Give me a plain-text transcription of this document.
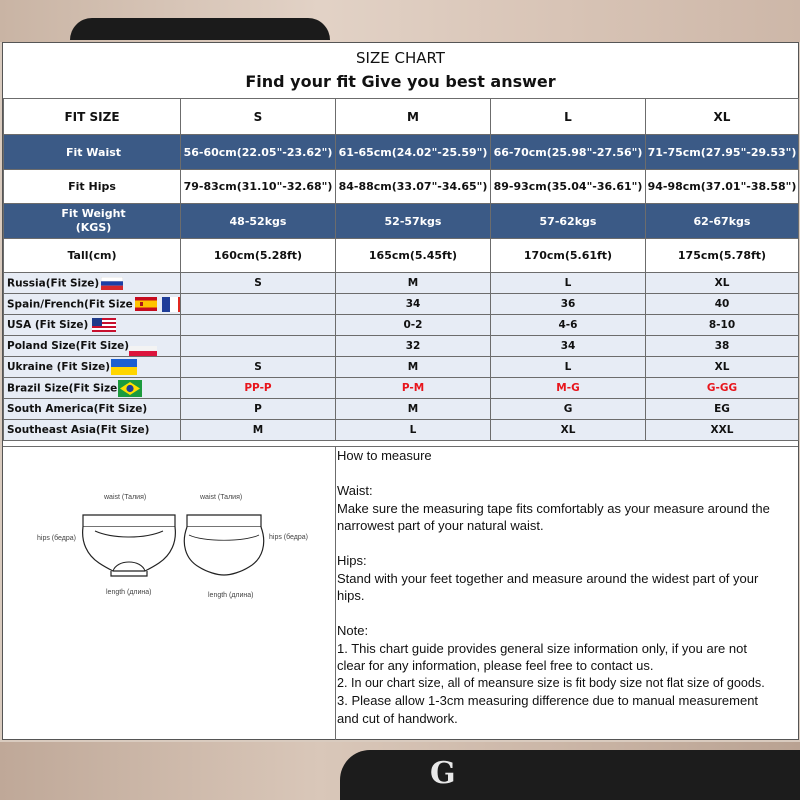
SIZE CHART
Find your fit Give you best answer
FIT SIZE	S	M	L	XL
Fit Waist	56-60cm(22.05"-23.62")	61-65cm(24.02"-25.59")	66-70cm(25.98"-27.56")	71-75cm(27.95"-29.53")
Fit Hips	79-83cm(31.10"-32.68")	84-88cm(33.07"-34.65")	89-93cm(35.04"-36.61")	94-98cm(37.01"-38.58")

Fit Weight
(KGS)	48-52kgs	52-57kgs	57-62kgs	62-67kgs
Tall(cm)	160cm(5.28ft)	165cm(5.45ft)	170cm(5.61ft)	175cm(5.78ft)
Russia(Fit Size)	S	M	L	XL
Spain/French(Fit Size		34	36	40
USA (Fit Size)		0-2	4-6	8-10
Poland Size(Fit Size)		32	34	38
Ukraine (Fit Size)	S	M	L	XL
Brazil Size(Fit Size	PP-P	P-M	M-G	G-GG
South America(Fit Size)	P	M	G	EG
Southeast Asia(Fit Size)	M	L	XL	XXL
waist (Талия)	waist (Талия)
hips (бедра)	hips (бедра)
length (длина)	length (длина)

How to measure

Waist:

Make sure the measuring tape fits comfortably as your measure around the

narrowest part of your natural waist.

Hips:

Stand with your feet together and measure around the widest part of your

hips.

Note:

1. This chart guide provides general size information only, if you are not

clear for any information, please feel free to contact us.

2. In our chart size, all of meansure size is fit body size not flat size of goods.

3. Please allow 1-3cm measuring difference due to manual measurement

and cut of handwork.

G
